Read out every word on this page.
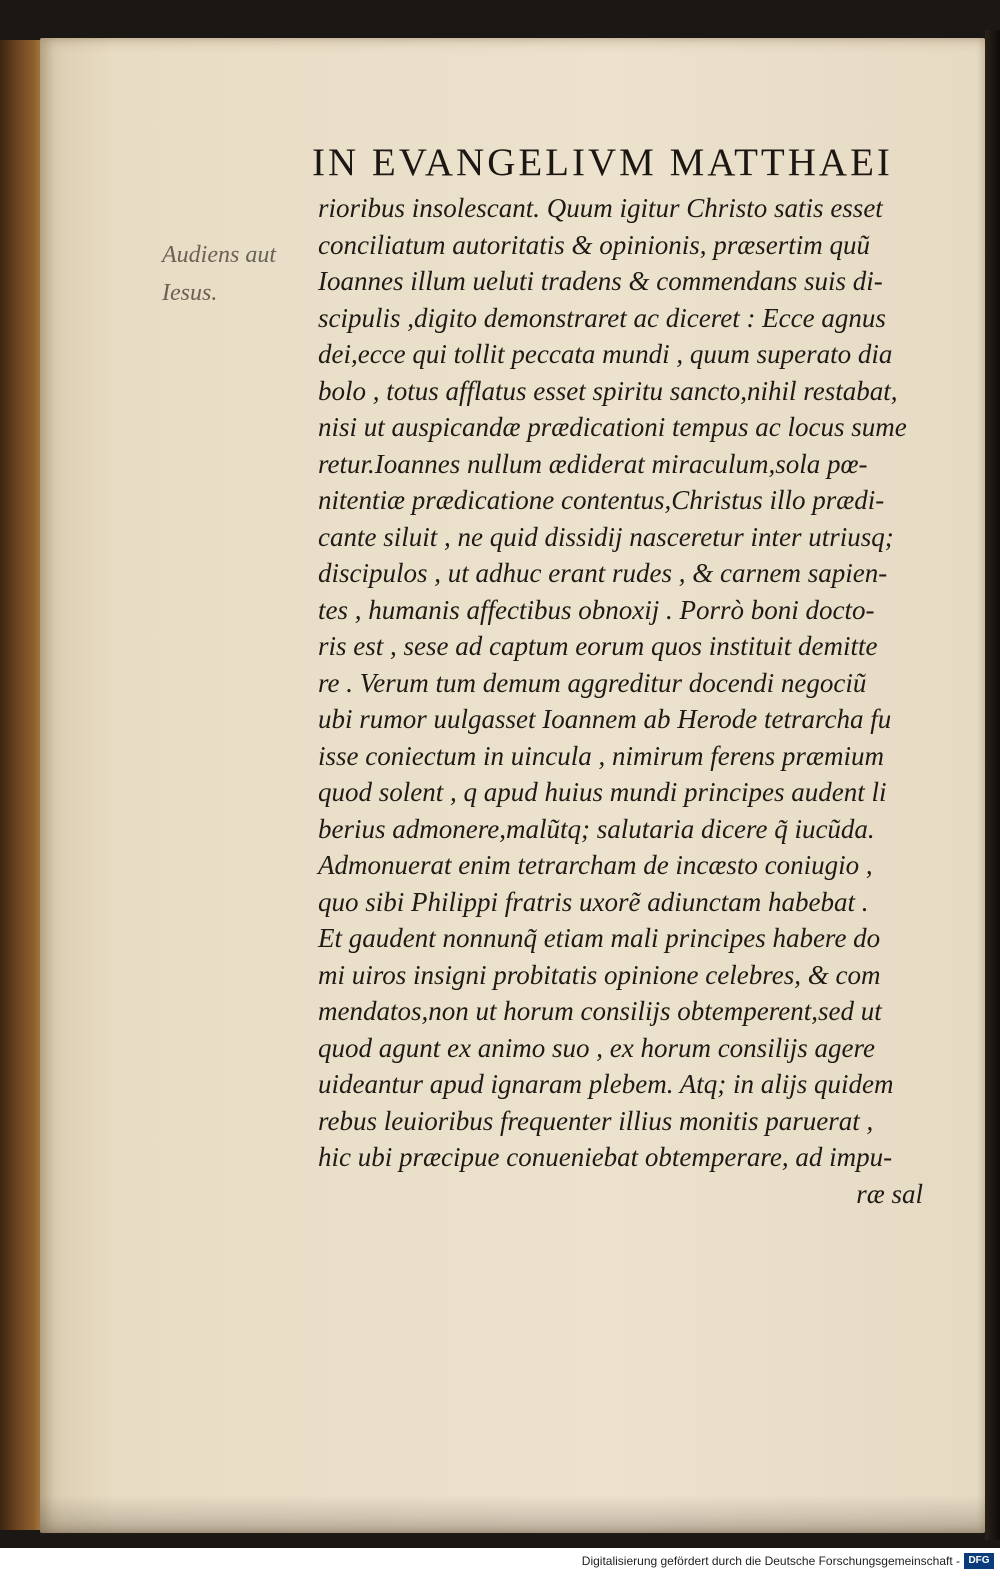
IN EVANGELIVM MATTHAEI
Audiens aut
Iesus.
rioribus insolescant. Quum igitur Christo satis esset
conciliatum autoritatis & opinionis, præsertim quũ
Ioannes illum ueluti tradens & commendans suis di-
scipulis ,digito demonstraret ac diceret : Ecce agnus
dei,ecce qui tollit peccata mundi , quum superato dia
bolo , totus afflatus esset spiritu sancto,nihil restabat,
nisi ut auspicandæ prædicationi tempus ac locus sume
retur.Ioannes nullum ædiderat miraculum,sola pœ-
nitentiæ prædicatione contentus,Christus illo prædi-
cante siluit , ne quid dissidij nasceretur inter utriusq;
discipulos , ut adhuc erant rudes , & carnem sapien-
tes , humanis affectibus obnoxij . Porrò boni docto-
ris est , sese ad captum eorum quos instituit demitte
re . Verum tum demum aggreditur docendi negociũ
ubi rumor uulgasset Ioannem ab Herode tetrarcha fu
isse coniectum in uincula , nimirum ferens præmium
quod solent , q apud huius mundi principes audent li
berius admonere,malũtq; salutaria dicere q̃ iucũda.
Admonuerat enim tetrarcham de incæsto coniugio ,
quo sibi Philippi fratris uxorẽ adiunctam habebat .
Et gaudent nonnunq̃ etiam mali principes habere do
mi uiros insigni probitatis opinione celebres, & com
mendatos,non ut horum consilijs obtemperent,sed ut
quod agunt ex animo suo , ex horum consilijs agere
uideantur apud ignaram plebem. Atq; in alijs quidem
rebus leuioribus frequenter illius monitis paruerat ,
hic ubi præcipue conueniebat obtemperare, ad impu-
ræ sal
Digitalisierung gefördert durch die Deutsche Forschungsgemeinschaft - DFG
